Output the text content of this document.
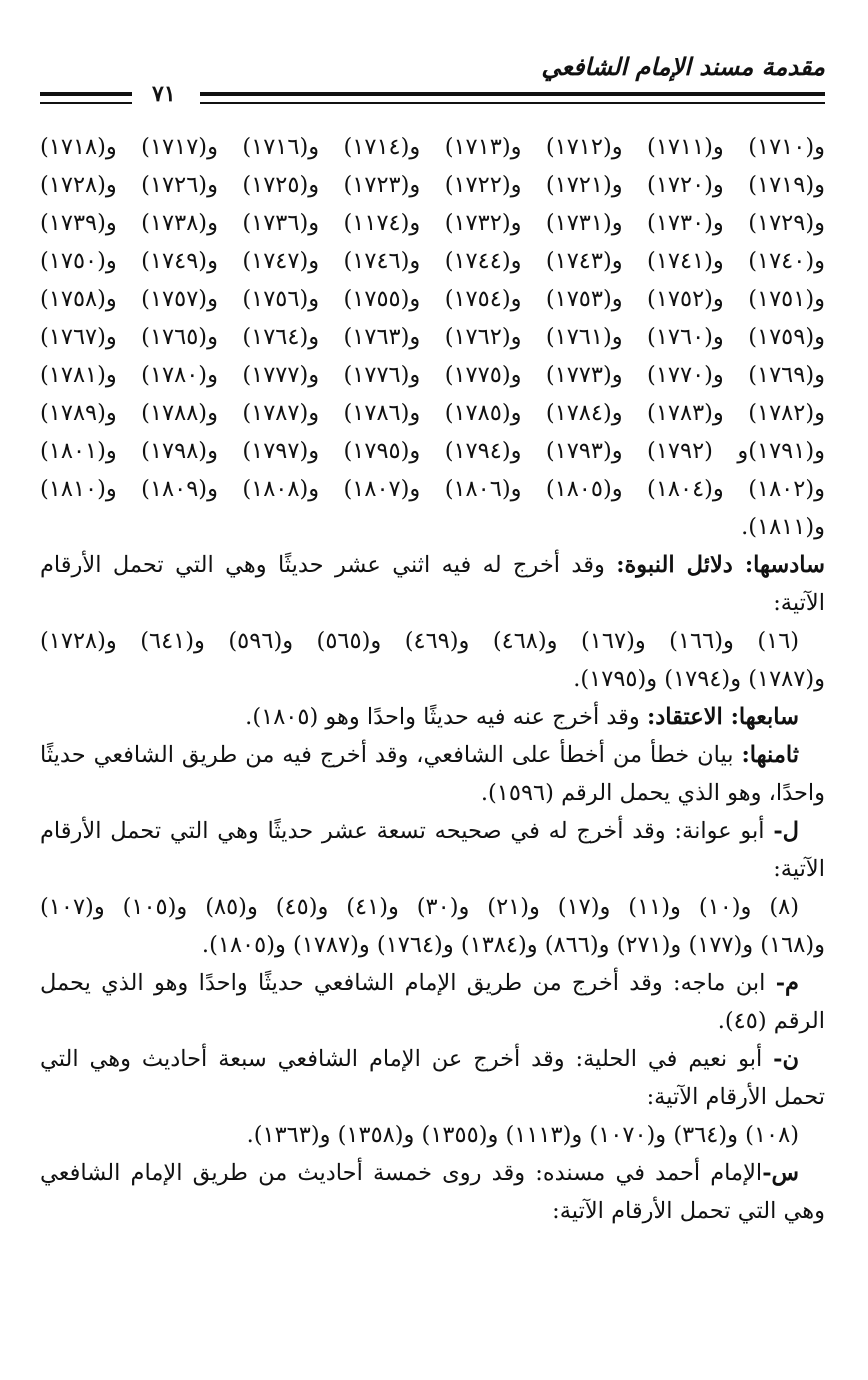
مقدمة مسند الإمام الشافعي
٧١
و(١٧١٠) و(١٧١١) و(١٧١٢) و(١٧١٣) و(١٧١٤) و(١٧١٦) و(١٧١٧) و(١٧١٨)
و(١٧١٩) و(١٧٢٠) و(١٧٢١) و(١٧٢٢) و(١٧٢٣) و(١٧٢٥) و(١٧٢٦) و(١٧٢٨)
و(١٧٢٩) و(١٧٣٠) و(١٧٣١) و(١٧٣٢) و(١١٧٤) و(١٧٣٦) و(١٧٣٨) و(١٧٣٩)
و(١٧٤٠) و(١٧٤١) و(١٧٤٣) و(١٧٤٤) و(١٧٤٦) و(١٧٤٧) و(١٧٤٩) و(١٧٥٠)
و(١٧٥١) و(١٧٥٢) و(١٧٥٣) و(١٧٥٤) و(١٧٥٥) و(١٧٥٦) و(١٧٥٧) و(١٧٥٨)
و(١٧٥٩) و(١٧٦٠) و(١٧٦١) و(١٧٦٢) و(١٧٦٣) و(١٧٦٤) و(١٧٦٥) و(١٧٦٧)
و(١٧٦٩) و(١٧٧٠) و(١٧٧٣) و(١٧٧٥) و(١٧٧٦) و(١٧٧٧) و(١٧٨٠) و(١٧٨١)
و(١٧٨٢) و(١٧٨٣) و(١٧٨٤) و(١٧٨٥) و(١٧٨٦) و(١٧٨٧) و(١٧٨٨) و(١٧٨٩)
و(١٧٩١)و (١٧٩٢) و(١٧٩٣) و(١٧٩٤) و(١٧٩٥) و(١٧٩٧) و(١٧٩٨) و(١٨٠١)
و(١٨٠٢) و(١٨٠٤) و(١٨٠٥) و(١٨٠٦) و(١٨٠٧) و(١٨٠٨) و(١٨٠٩) و(١٨١٠)
و(١٨١١).
سادسها: دلائل النبوة: وقد أخرج له فيه اثني عشر حديثًا وهي التي تحمل الأرقام الآتية:
(١٦) و(١٦٦) و(١٦٧) و(٤٦٨) و(٤٦٩) و(٥٦٥) و(٥٩٦) و(٦٤١) و(١٧٢٨)
و(١٧٨٧) و(١٧٩٤) و(١٧٩٥).
سابعها: الاعتقاد: وقد أخرج عنه فيه حديثًا واحدًا وهو (١٨٠٥).
ثامنها: بيان خطأ من أخطأ على الشافعي، وقد أخرج فيه من طريق الشافعي حديثًا واحدًا، وهو الذي يحمل الرقم (١٥٩٦).
ل- أبو عوانة: وقد أخرج له في صحيحه تسعة عشر حديثًا وهي التي تحمل الأرقام الآتية:
(٨) و(١٠) و(١١) و(١٧) و(٢١) و(٣٠) و(٤١) و(٤٥) و(٨٥) و(١٠٥) و(١٠٧)
و(١٦٨) و(١٧٧) و(٢٧١) و(٨٦٦) و(١٣٨٤) و(١٧٦٤) و(١٧٨٧) و(١٨٠٥).
م- ابن ماجه: وقد أخرج من طريق الإمام الشافعي حديثًا واحدًا وهو الذي يحمل الرقم (٤٥).
ن- أبو نعيم في الحلية: وقد أخرج عن الإمام الشافعي سبعة أحاديث وهي التي تحمل الأرقام الآتية:
(١٠٨) و(٣٦٤) و(١٠٧٠) و(١١١٣) و(١٣٥٥) و(١٣٥٨) و(١٣٦٣).
س-الإمام أحمد في مسنده: وقد روى خمسة أحاديث من طريق الإمام الشافعي وهي التي تحمل الأرقام الآتية:
